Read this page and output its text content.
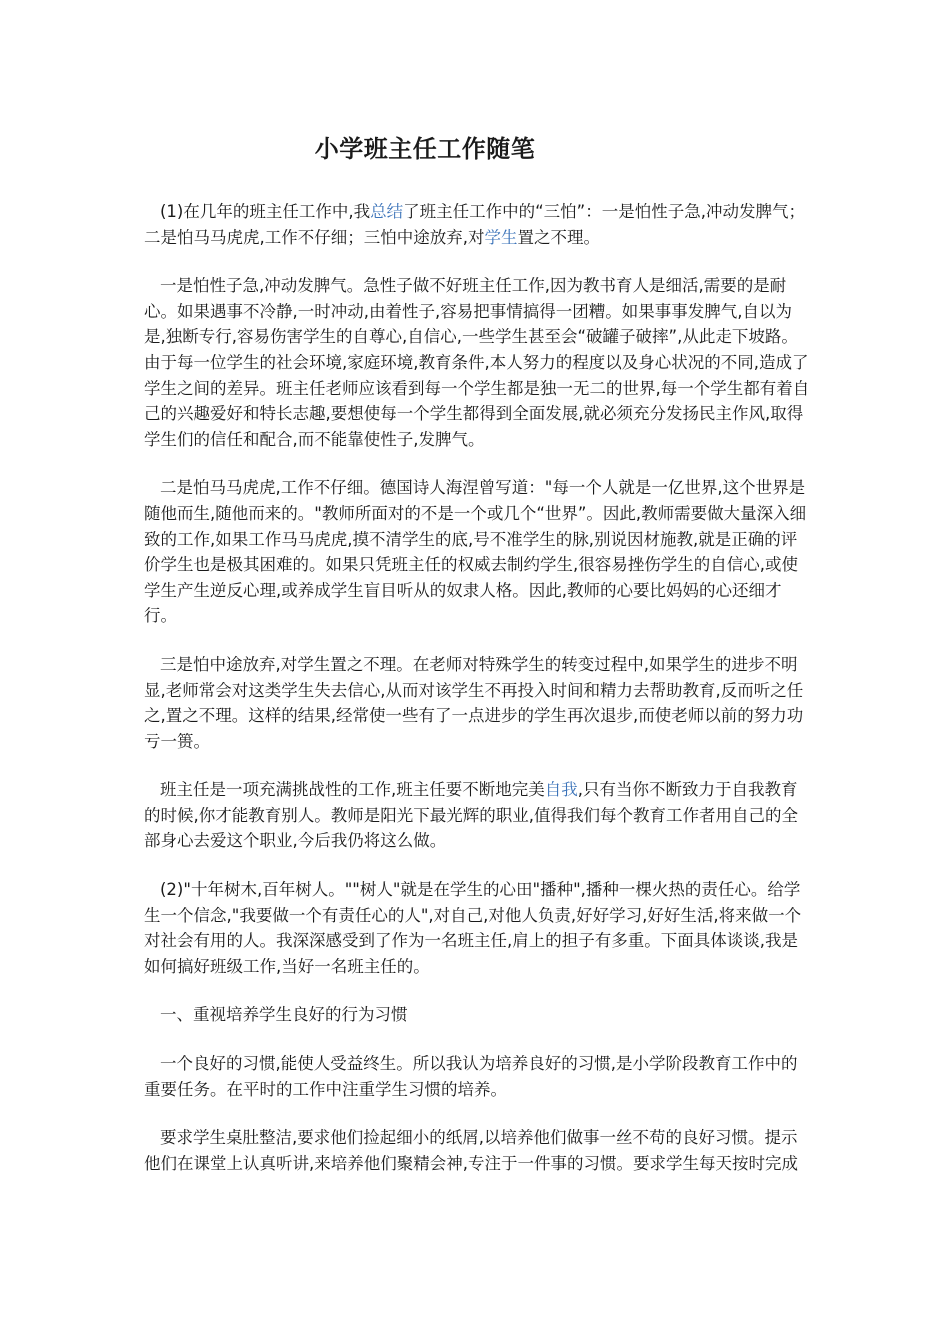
小学班主任工作随笔

(1)在几年的班主任工作中,我总结了班主任工作中的“三怕”：一是怕性子急,冲动发脾气；二是怕马马虎虎,工作不仔细；三怕中途放弃,对学生置之不理。

一是怕性子急,冲动发脾气。急性子做不好班主任工作,因为教书育人是细活,需要的是耐心。如果遇事不冷静,一时冲动,由着性子,容易把事情搞得一团糟。如果事事发脾气,自以为是,独断专行,容易伤害学生的自尊心,自信心,一些学生甚至会“破罐子破摔”,从此走下坡路。由于每一位学生的社会环境,家庭环境,教育条件,本人努力的程度以及身心状况的不同,造成了学生之间的差异。班主任老师应该看到每一个学生都是独一无二的世界,每一个学生都有着自己的兴趣爱好和特长志趣,要想使每一个学生都得到全面发展,就必须充分发扬民主作风,取得学生们的信任和配合,而不能靠使性子,发脾气。

二是怕马马虎虎,工作不仔细。德国诗人海涅曾写道："每一个人就是一亿世界,这个世界是随他而生,随他而来的。"教师所面对的不是一个或几个“世界”。因此,教师需要做大量深入细致的工作,如果工作马马虎虎,摸不清学生的底,号不准学生的脉,别说因材施教,就是正确的评价学生也是极其困难的。如果只凭班主任的权威去制约学生,很容易挫伤学生的自信心,或使学生产生逆反心理,或养成学生盲目听从的奴隶人格。因此,教师的心要比妈妈的心还细才行。

三是怕中途放弃,对学生置之不理。在老师对特殊学生的转变过程中,如果学生的进步不明显,老师常会对这类学生失去信心,从而对该学生不再投入时间和精力去帮助教育,反而听之任之,置之不理。这样的结果,经常使一些有了一点进步的学生再次退步,而使老师以前的努力功亏一篑。

班主任是一项充满挑战性的工作,班主任要不断地完美自我,只有当你不断致力于自我教育的时候,你才能教育别人。教师是阳光下最光辉的职业,值得我们每个教育工作者用自己的全部身心去爱这个职业,今后我仍将这么做。

(2)"十年树木,百年树人。""树人"就是在学生的心田"播种",播种一棵火热的责任心。给学生一个信念,"我要做一个有责任心的人",对自己,对他人负责,好好学习,好好生活,将来做一个对社会有用的人。我深深感受到了作为一名班主任,肩上的担子有多重。下面具体谈谈,我是如何搞好班级工作,当好一名班主任的。

一、重视培养学生良好的行为习惯

一个良好的习惯,能使人受益终生。所以我认为培养良好的习惯,是小学阶段教育工作中的重要任务。在平时的工作中注重学生习惯的培养。

要求学生桌肚整洁,要求他们捡起细小的纸屑,以培养他们做事一丝不苟的良好习惯。提示他们在课堂上认真听讲,来培养他们聚精会神,专注于一件事的习惯。要求学生每天按时完成
